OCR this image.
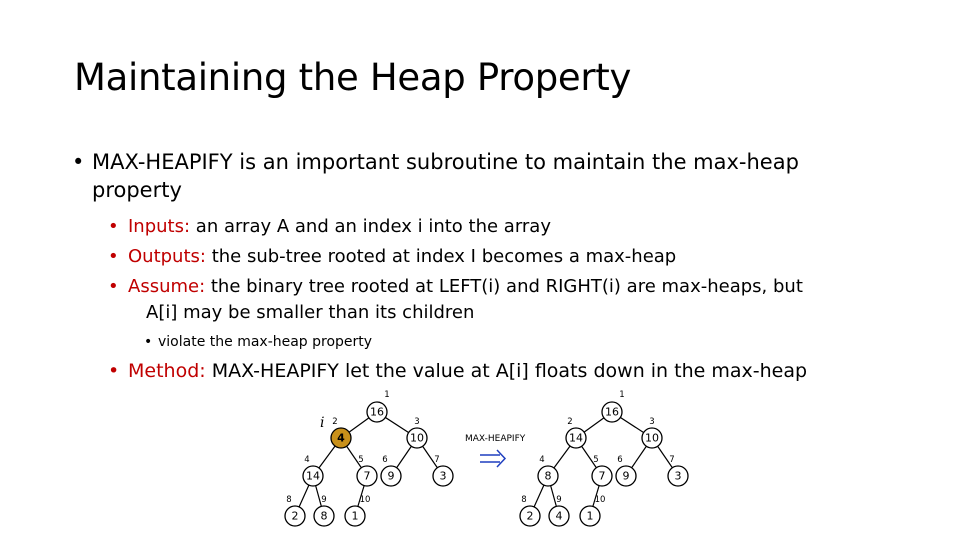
Maintaining the Heap Property
• MAX-HEAPIFY is an important subroutine to maintain the max-heap
property
• Inputs: an array A and an index i into the array
• Outputs: the sub-tree rooted at index I becomes a max-heap
• Assume: the binary tree rooted at LEFT(i) and RIGHT(i) are max-heaps, but
A[i] may be smaller than its children
• violate the max-heap property
• Method: MAX-HEAPIFY let the value at A[i] floats down in the max-heap
16
1
4
2
10
3
14
4
7
5
9
6
3
7
2
8
8
9
1
10
16
1
14
2
10
3
8
4
7
5
9
6
3
7
2
8
4
9
1
10
i
MAX-HEAPIFY
